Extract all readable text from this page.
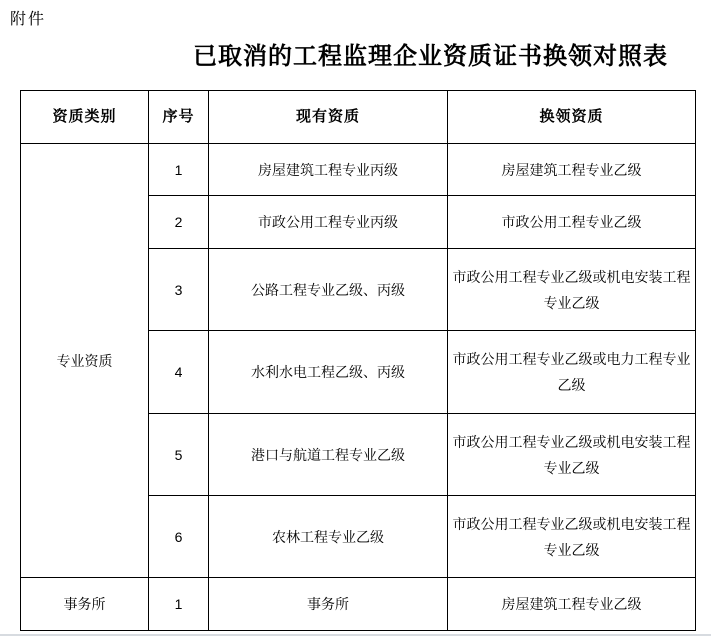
附件
已取消的工程监理企业资质证书换领对照表
资质类别	序号	现有资质	换领资质
专业资质	1	房屋建筑工程专业丙级	房屋建筑工程专业乙级
	2	市政公用工程专业丙级	市政公用工程专业乙级
	3	公路工程专业乙级、丙级	市政公用工程专业乙级或机电安装工程专业乙级
	4	水利水电工程乙级、丙级	市政公用工程专业乙级或电力工程专业乙级
	5	港口与航道工程专业乙级	市政公用工程专业乙级或机电安装工程专业乙级
	6	农林工程专业乙级	市政公用工程专业乙级或机电安装工程专业乙级
事务所	1	事务所	房屋建筑工程专业乙级
